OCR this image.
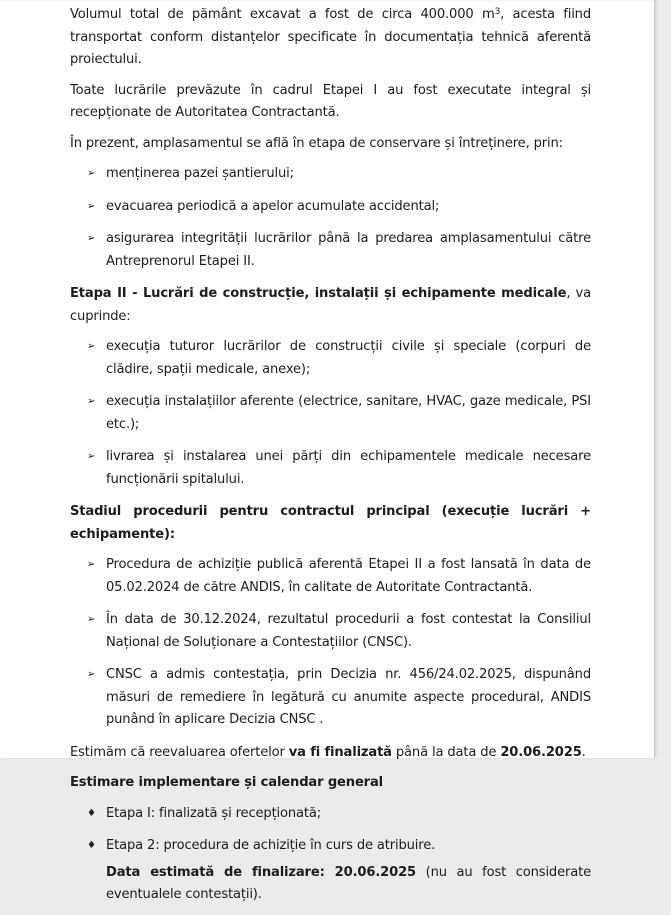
Volumul total de pământ excavat a fost de circa 400.000 $m^3$, acesta fiind transportat conform distanțelor specificate în documentația tehnică aferentă proiectului.

Toate lucrările prevăzute în cadrul Etapei I au fost executate integral și recepționate de Autoritatea Contractantă.

În prezent, amplasamentul se află în etapa de conservare și întreținere, prin:

➢ menținerea pazei șantierului;
➢ evacuarea periodică a apelor acumulate accidental;
➢ asigurarea integrității lucrărilor până la predarea amplasamentului către Antreprenorul Etapei II.

Etapa II - Lucrări de construcție, instalații și echipamente medicale, va cuprinde:

➢ execuția tuturor lucrărilor de construcții civile și speciale (corpuri de clădire, spații medicale, anexe);
➢ execuția instalațiilor aferente (electrice, sanitare, HVAC, gaze medicale, PSI etc.);
➢ livrarea și instalarea unei părți din echipamentele medicale necesare funcționării spitalului.

Stadiul procedurii pentru contractul principal (execuție lucrări + echipamente):

➢ Procedura de achiziție publică aferentă Etapei II a fost lansată în data de 05.02.2024 de către ANDIS, în calitate de Autoritate Contractantă.
➢ În data de 30.12.2024, rezultatul procedurii a fost contestat la Consiliul Național de Soluționare a Contestațiilor (CNSC).
➢ CNSC a admis contestația, prin Decizia nr. 456/24.02.2025, dispunând măsuri de remediere în legătură cu anumite aspecte procedural, ANDIS punând în aplicare Decizia CNSC .

Estimăm că reevaluarea ofertelor va fi finalizată până la data de 20.06.2025.

Estimare implementare și calendar general

♦ Etapa I: finalizată și recepționată;
♦ Etapa 2: procedura de achiziție în curs de atribuire.

Data estimată de finalizare: 20.06.2025 (nu au fost considerate eventualele contestații).
